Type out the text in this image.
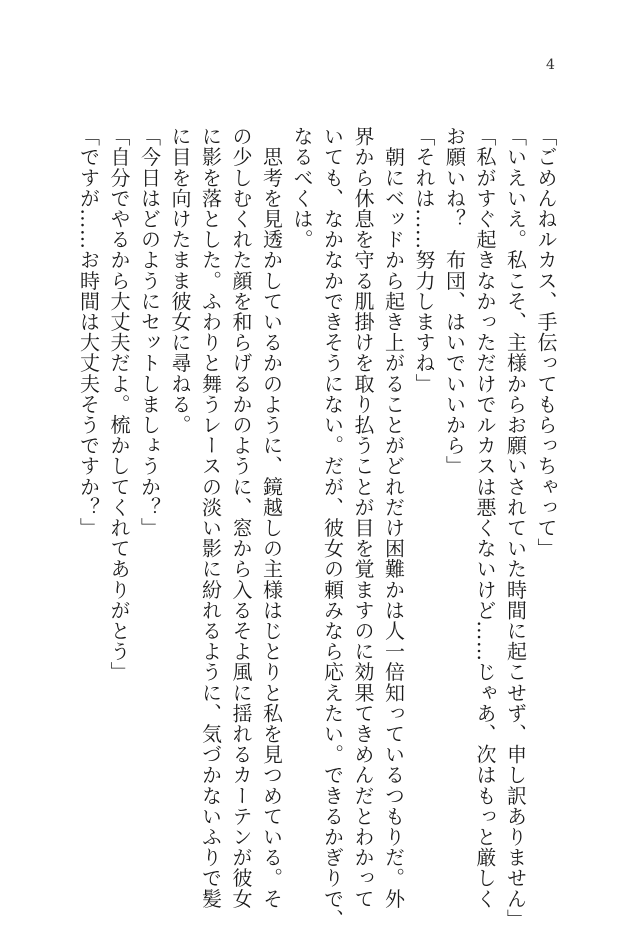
4
「ごめんねルカス、手伝ってもらっちゃって」
「いえいえ。私こそ、主様からお願いされていた時間に起こせず、申し訳ありません」
「私がすぐ起きなかっただけでルカスは悪くないけど……じゃあ、次はもっと厳しく
お願いね？　布団、はいでいいから」
「それは……努力しますね」
　朝にベッドから起き上がることがどれだけ困難かは人一倍知っているつもりだ。外
界から休息を守る肌掛けを取り払うことが目を覚ますのに効果てきめんだとわかって
いても、なかなかできそうにない。だが、彼女の頼みなら応えたい。できるかぎりで、
なるべくは。
　思考を見透かしているかのように、鏡越しの主様はじとりと私を見つめている。そ
の少しむくれた顔を和らげるかのように、窓から入るそよ風に揺れるカーテンが彼女
に影を落とした。ふわりと舞うレースの淡い影に紛れるように、気づかないふりで髪
に目を向けたまま彼女に尋ねる。
「今日はどのようにセットしましょうか？」
「自分でやるから大丈夫だよ。梳かしてくれてありがとう」
「ですが……お時間は大丈夫そうですか？」
